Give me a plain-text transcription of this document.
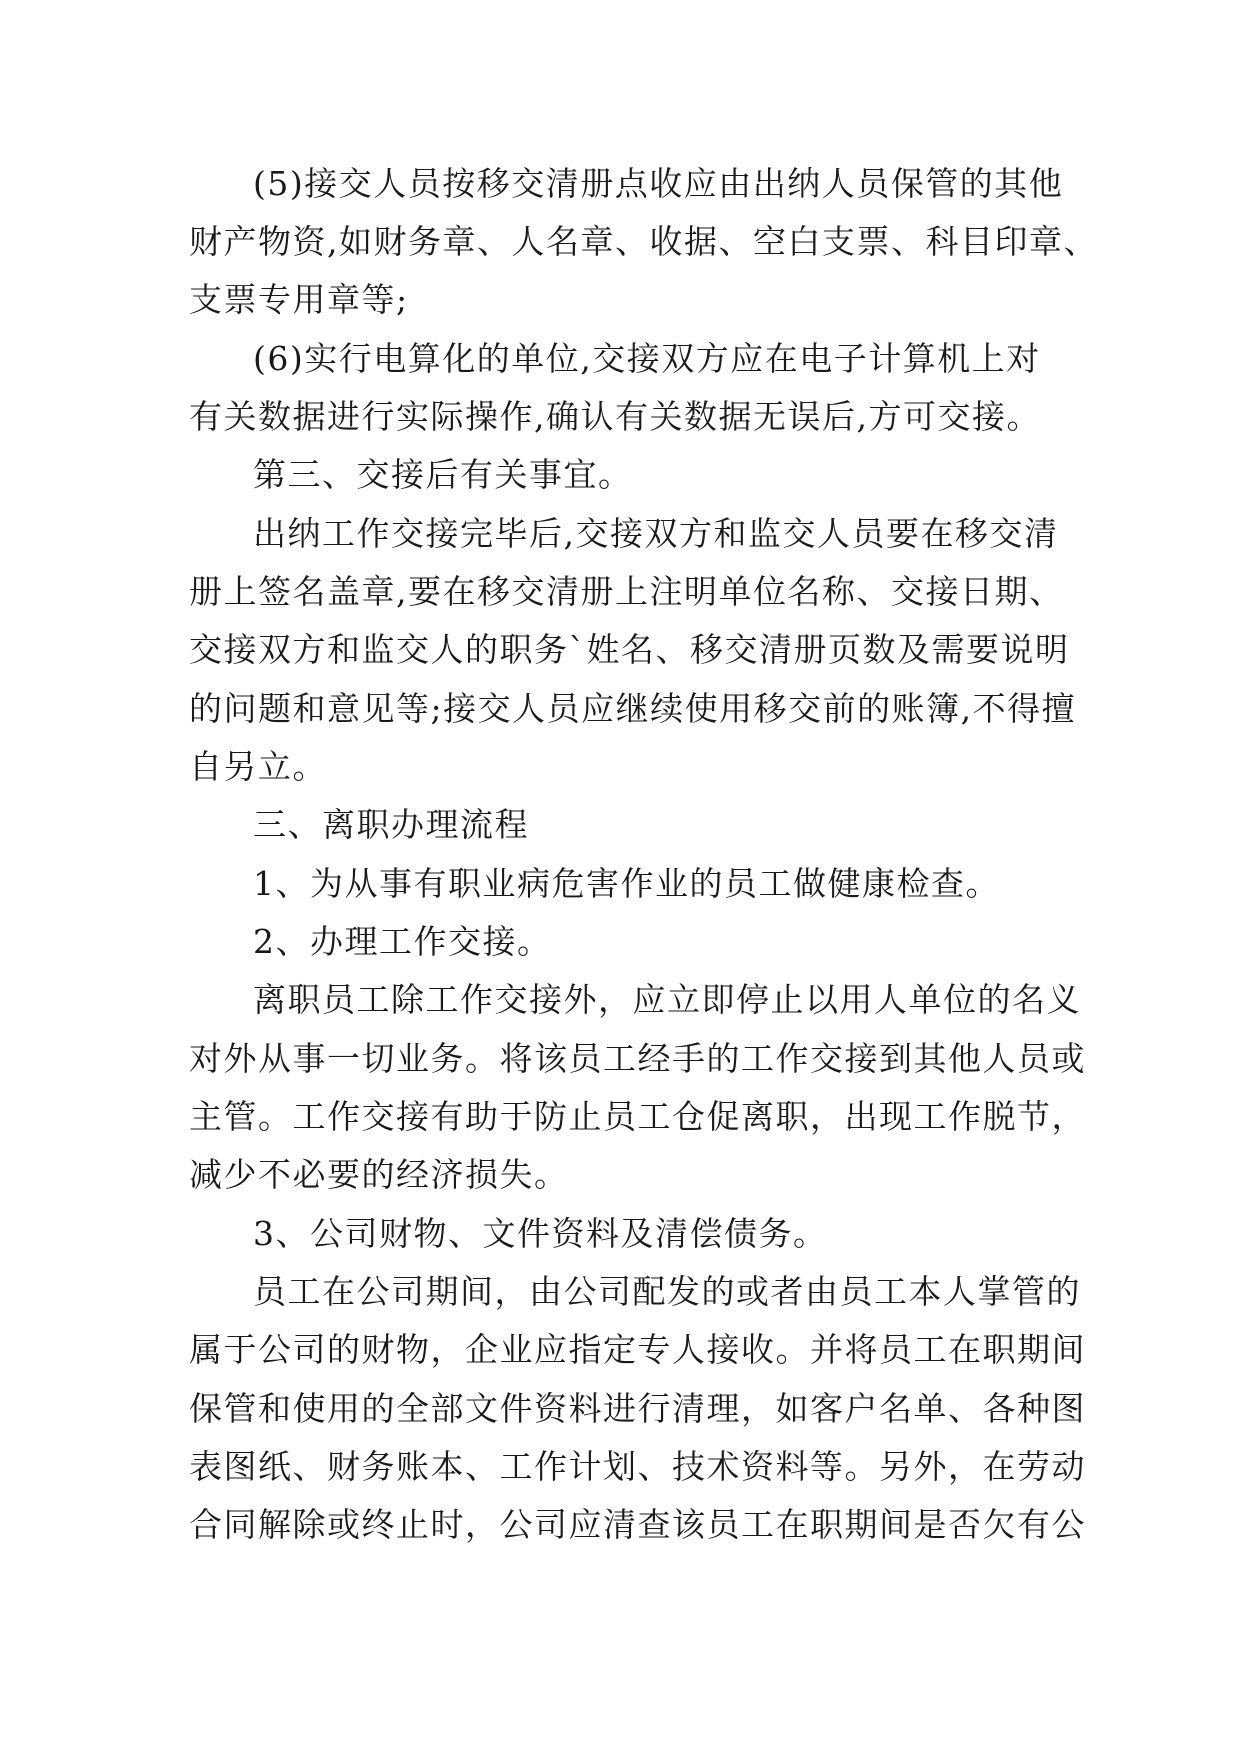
(5)接交人员按移交清册点收应由出纳人员保管的其他
财产物资,如财务章、人名章、收据、空白支票、科目印章、
支票专用章等;
(6)实行电算化的单位,交接双方应在电子计算机上对
有关数据进行实际操作,确认有关数据无误后,方可交接。
第三、交接后有关事宜。
出纳工作交接完毕后,交接双方和监交人员要在移交清
册上签名盖章,要在移交清册上注明单位名称、交接日期、
交接双方和监交人的职务`姓名、移交清册页数及需要说明
的问题和意见等;接交人员应继续使用移交前的账簿,不得擅
自另立。
三、离职办理流程
1、为从事有职业病危害作业的员工做健康检查。
2、办理工作交接。
离职员工除工作交接外，应立即停止以用人单位的名义
对外从事一切业务。将该员工经手的工作交接到其他人员或
主管。工作交接有助于防止员工仓促离职，出现工作脱节，
减少不必要的经济损失。
3、公司财物、文件资料及清偿债务。
员工在公司期间，由公司配发的或者由员工本人掌管的
属于公司的财物，企业应指定专人接收。并将员工在职期间
保管和使用的全部文件资料进行清理，如客户名单、各种图
表图纸、财务账本、工作计划、技术资料等。另外，在劳动
合同解除或终止时，公司应清查该员工在职期间是否欠有公
